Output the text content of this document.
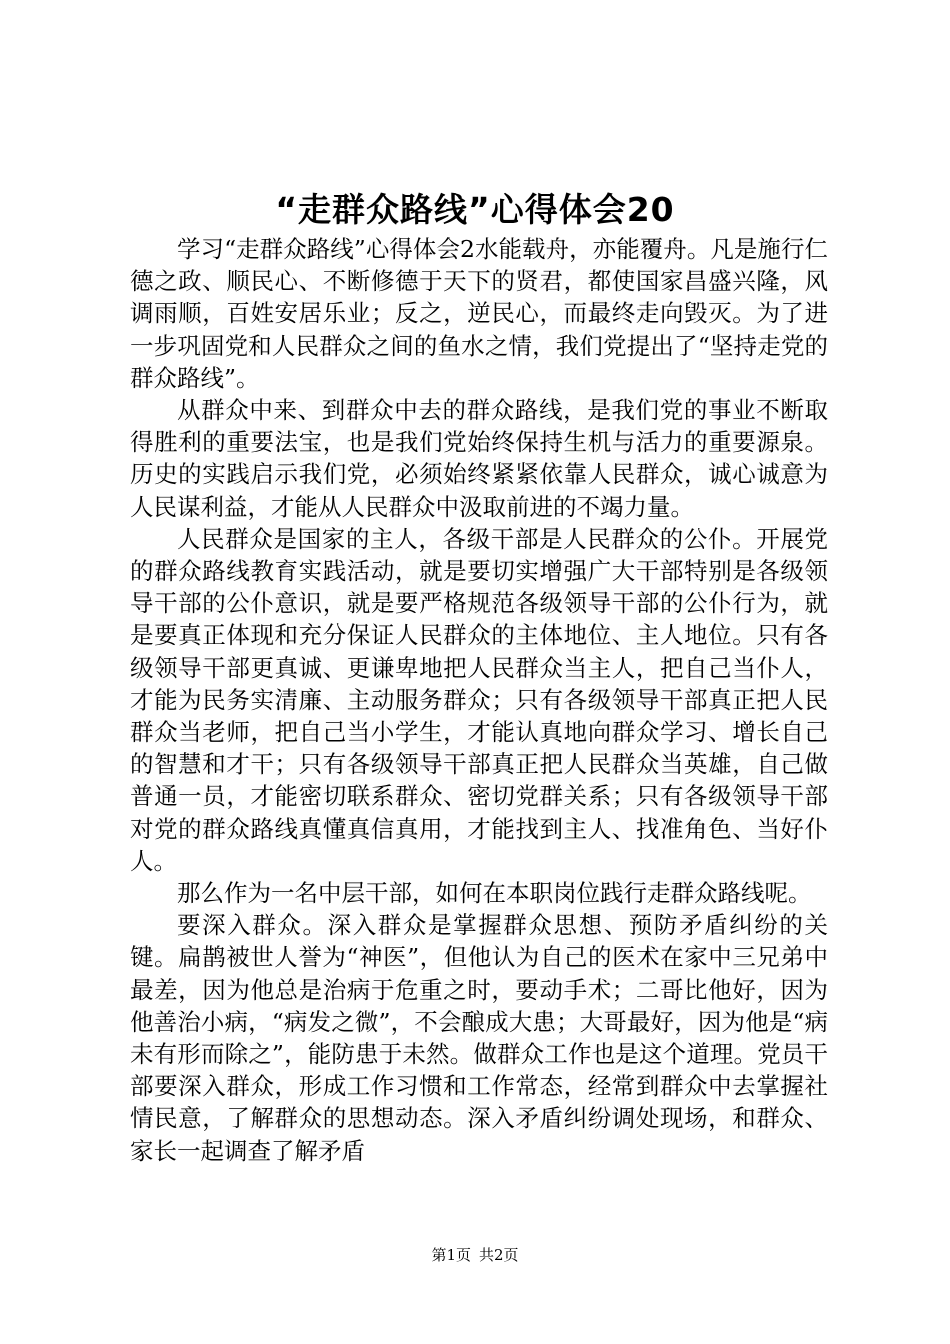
“走群众路线”心得体会20

学习“走群众路线”心得体会2水能载舟，亦能覆舟。凡是施行仁德之政、顺民心、不断修德于天下的贤君，都使国家昌盛兴隆，风调雨顺，百姓安居乐业；反之，逆民心，而最终走向毁灭。为了进一步巩固党和人民群众之间的鱼水之情，我们党提出了“坚持走党的群众路线”。

从群众中来、到群众中去的群众路线，是我们党的事业不断取得胜利的重要法宝，也是我们党始终保持生机与活力的重要源泉。历史的实践启示我们党，必须始终紧紧依靠人民群众，诚心诚意为人民谋利益，才能从人民群众中汲取前进的不竭力量。

人民群众是国家的主人，各级干部是人民群众的公仆。开展党的群众路线教育实践活动，就是要切实增强广大干部特别是各级领导干部的公仆意识，就是要严格规范各级领导干部的公仆行为，就是要真正体现和充分保证人民群众的主体地位、主人地位。只有各级领导干部更真诚、更谦卑地把人民群众当主人，把自己当仆人，才能为民务实清廉、主动服务群众；只有各级领导干部真正把人民群众当老师，把自己当小学生，才能认真地向群众学习、增长自己的智慧和才干；只有各级领导干部真正把人民群众当英雄，自己做普通一员，才能密切联系群众、密切党群关系；只有各级领导干部对党的群众路线真懂真信真用，才能找到主人、找准角色、当好仆人。

那么作为一名中层干部，如何在本职岗位践行走群众路线呢。

要深入群众。深入群众是掌握群众思想、预防矛盾纠纷的关键。扁鹊被世人誉为“神医”，但他认为自己的医术在家中三兄弟中最差，因为他总是治病于危重之时，要动手术；二哥比他好，因为他善治小病，“病发之微”，不会酿成大患；大哥最好，因为他是“病未有形而除之”，能防患于未然。做群众工作也是这个道理。党员干部要深入群众，形成工作习惯和工作常态，经常到群众中去掌握社情民意，了解群众的思想动态。深入矛盾纠纷调处现场，和群众、家长一起调查了解矛盾

第1页 共2页
